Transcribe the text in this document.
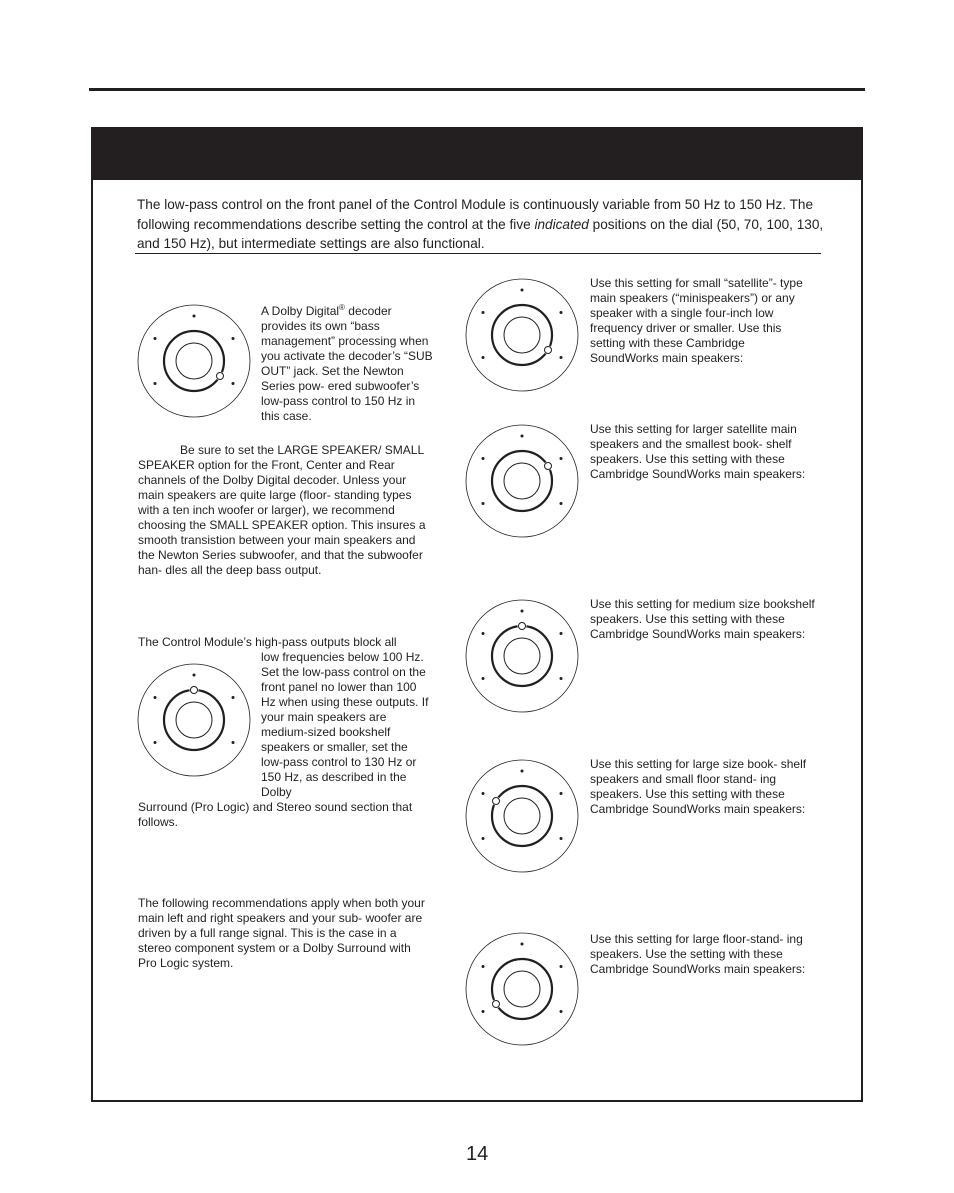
The low-pass control on the front panel of the Control Module is continuously variable from 50 Hz to 150 Hz. The following recommendations describe setting the control at the five indicated positions on the dial (50, 70, 100, 130, and 150 Hz), but intermediate settings are also functional.
A Dolby Digital® decoder provides its own “bass management” processing when you activate the decoder’s “SUB OUT” jack. Set the Newton Series pow- ered subwoofer’s low-pass control to 150 Hz in this case.
Be sure to set the LARGE SPEAKER/ SMALL SPEAKER option for the Front, Center and Rear channels of the Dolby Digital decoder. Unless your main speakers are quite large (floor- standing types with a ten inch woofer or larger), we recommend choosing the SMALL SPEAKER option. This insures a smooth transistion between your main speakers and the Newton Series subwoofer, and that the subwoofer han- dles all the deep bass output.
The Control Module’s high-pass outputs block all
low frequencies below 100 Hz. Set the low-pass control on the front panel no lower than 100 Hz when using these outputs. If your main speakers are medium-sized bookshelf speakers or smaller, set the low-pass control to 130 Hz or 150 Hz, as described in the Dolby
Surround (Pro Logic) and Stereo sound section that follows.
The following recommendations apply when both your main left and right speakers and your sub- woofer are driven by a full range signal. This is the case in a stereo component system or a Dolby Surround with Pro Logic system.
Use this setting for small “satellite”- type main speakers (“minispeakers”) or any speaker with a single four-inch low frequency driver or smaller. Use this setting with these Cambridge SoundWorks main speakers:
Use this setting for larger satellite main speakers and the smallest book- shelf speakers. Use this setting with these Cambridge SoundWorks main speakers:
Use this setting for medium size bookshelf speakers. Use this setting with these Cambridge SoundWorks main speakers:
Use this setting for large size book- shelf speakers and small floor stand- ing speakers. Use this setting with these Cambridge SoundWorks main speakers:
Use this setting for large floor-stand- ing speakers. Use the setting with these Cambridge SoundWorks main speakers:
14
